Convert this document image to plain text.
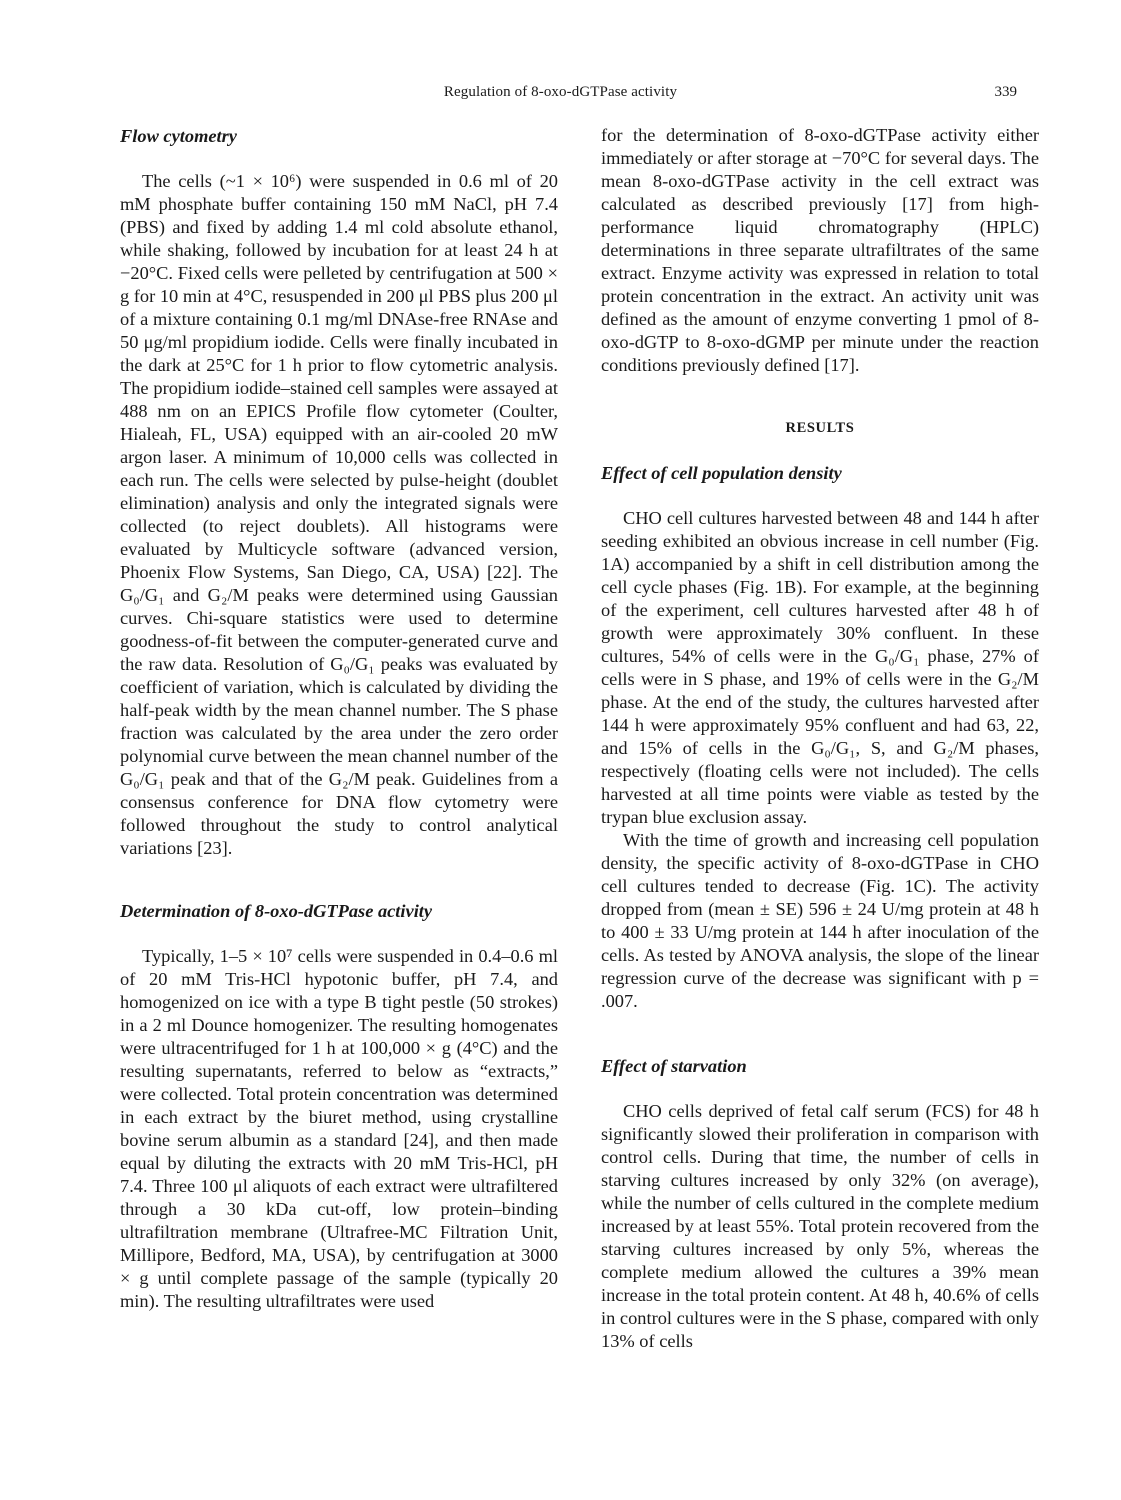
Regulation of 8-oxo-dGTPase activity	339
Flow cytometry

The cells (~1 × 10⁶) were suspended in 0.6 ml of 20 mM phosphate buffer containing 150 mM NaCl, pH 7.4 (PBS) and fixed by adding 1.4 ml cold absolute ethanol, while shaking, followed by incubation for at least 24 h at −20°C. Fixed cells were pelleted by centrifugation at 500 × g for 10 min at 4°C, resuspended in 200 μl PBS plus 200 μl of a mixture containing 0.1 mg/ml DNAse-free RNAse and 50 μg/ml propidium iodide. Cells were finally incubated in the dark at 25°C for 1 h prior to flow cytometric analysis. The propidium iodide–stained cell samples were assayed at 488 nm on an EPICS Profile flow cytometer (Coulter, Hialeah, FL, USA) equipped with an air-cooled 20 mW argon laser. A minimum of 10,000 cells was collected in each run. The cells were selected by pulse-height (doublet elimination) analysis and only the integrated signals were collected (to reject doublets). All histograms were evaluated by Multicycle software (advanced version, Phoenix Flow Systems, San Diego, CA, USA) [22]. The G₀/G₁ and G₂/M peaks were determined using Gaussian curves. Chi-square statistics were used to determine goodness-of-fit between the computer-generated curve and the raw data. Resolution of G₀/G₁ peaks was evaluated by coefficient of variation, which is calculated by dividing the half-peak width by the mean channel number. The S phase fraction was calculated by the area under the zero order polynomial curve between the mean channel number of the G₀/G₁ peak and that of the G₂/M peak. Guidelines from a consensus conference for DNA flow cytometry were followed throughout the study to control analytical variations [23].

Determination of 8-oxo-dGTPase activity

Typically, 1–5 × 10⁷ cells were suspended in 0.4–0.6 ml of 20 mM Tris-HCl hypotonic buffer, pH 7.4, and homogenized on ice with a type B tight pestle (50 strokes) in a 2 ml Dounce homogenizer. The resulting homogenates were ultracentrifuged for 1 h at 100,000 × g (4°C) and the resulting supernatants, referred to below as “extracts,” were collected. Total protein concentration was determined in each extract by the biuret method, using crystalline bovine serum albumin as a standard [24], and then made equal by diluting the extracts with 20 mM Tris-HCl, pH 7.4. Three 100 μl aliquots of each extract were ultrafiltered through a 30 kDa cut-off, low protein–binding ultrafiltration membrane (Ultrafree-MC Filtration Unit, Millipore, Bedford, MA, USA), by centrifugation at 3000 × g until complete passage of the sample (typically 20 min). The resulting ultrafiltrates were used

for the determination of 8-oxo-dGTPase activity either immediately or after storage at −70°C for several days. The mean 8-oxo-dGTPase activity in the cell extract was calculated as described previously [17] from high-performance liquid chromatography (HPLC) determinations in three separate ultrafiltrates of the same extract. Enzyme activity was expressed in relation to total protein concentration in the extract. An activity unit was defined as the amount of enzyme converting 1 pmol of 8-oxo-dGTP to 8-oxo-dGMP per minute under the reaction conditions previously defined [17].

RESULTS
Effect of cell population density

CHO cell cultures harvested between 48 and 144 h after seeding exhibited an obvious increase in cell number (Fig. 1A) accompanied by a shift in cell distribution among the cell cycle phases (Fig. 1B). For example, at the beginning of the experiment, cell cultures harvested after 48 h of growth were approximately 30% confluent. In these cultures, 54% of cells were in the G₀/G₁ phase, 27% of cells were in S phase, and 19% of cells were in the G₂/M phase. At the end of the study, the cultures harvested after 144 h were approximately 95% confluent and had 63, 22, and 15% of cells in the G₀/G₁, S, and G₂/M phases, respectively (floating cells were not included). The cells harvested at all time points were viable as tested by the trypan blue exclusion assay.

With the time of growth and increasing cell population density, the specific activity of 8-oxo-dGTPase in CHO cell cultures tended to decrease (Fig. 1C). The activity dropped from (mean ± SE) 596 ± 24 U/mg protein at 48 h to 400 ± 33 U/mg protein at 144 h after inoculation of the cells. As tested by ANOVA analysis, the slope of the linear regression curve of the decrease was significant with p = .007.

Effect of starvation

CHO cells deprived of fetal calf serum (FCS) for 48 h significantly slowed their proliferation in comparison with control cells. During that time, the number of cells in starving cultures increased by only 32% (on average), while the number of cells cultured in the complete medium increased by at least 55%. Total protein recovered from the starving cultures increased by only 5%, whereas the complete medium allowed the cultures a 39% mean increase in the total protein content. At 48 h, 40.6% of cells in control cultures were in the S phase, compared with only 13% of cells
